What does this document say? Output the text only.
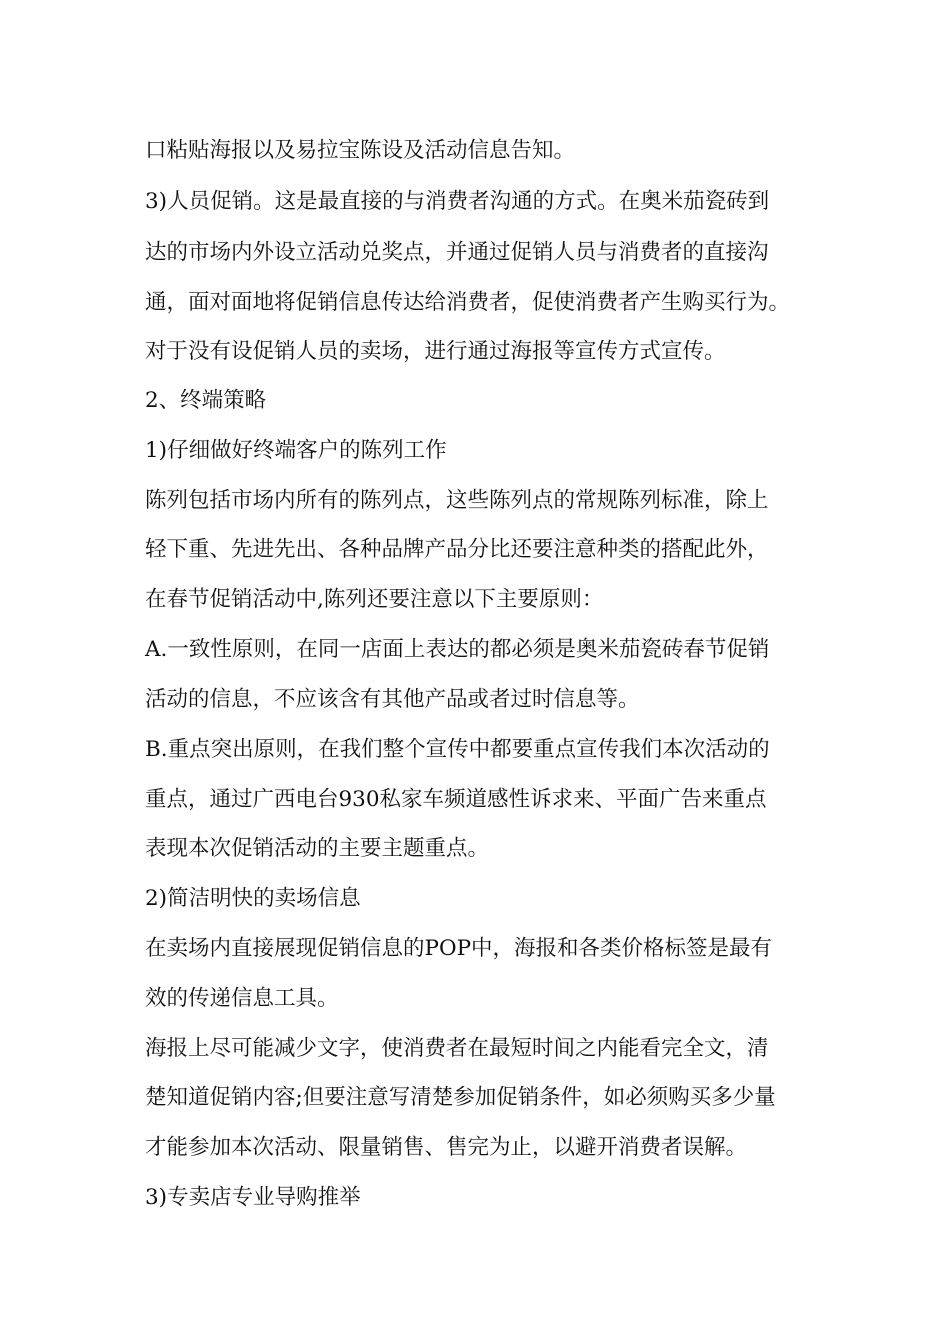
口粘贴海报以及易拉宝陈设及活动信息告知。
3)人员促销。这是最直接的与消费者沟通的方式。在奥米茄瓷砖到
达的市场内外设立活动兑奖点，并通过促销人员与消费者的直接沟
通，面对面地将促销信息传达给消费者，促使消费者产生购买行为。
对于没有设促销人员的卖场，进行通过海报等宣传方式宣传。
2、终端策略
1)仔细做好终端客户的陈列工作
陈列包括市场内所有的陈列点，这些陈列点的常规陈列标准，除上
轻下重、先进先出、各种品牌产品分比还要注意种类的搭配此外，
在春节促销活动中,陈列还要注意以下主要原则：
A.一致性原则，在同一店面上表达的都必须是奥米茄瓷砖春节促销
活动的信息，不应该含有其他产品或者过时信息等。
B.重点突出原则，在我们整个宣传中都要重点宣传我们本次活动的
重点，通过广西电台930私家车频道感性诉求来、平面广告来重点
表现本次促销活动的主要主题重点。
2)简洁明快的卖场信息
在卖场内直接展现促销信息的POP中，海报和各类价格标签是最有
效的传递信息工具。
海报上尽可能减少文字，使消费者在最短时间之内能看完全文，清
楚知道促销内容;但要注意写清楚参加促销条件，如必须购买多少量
才能参加本次活动、限量销售、售完为止，以避开消费者误解。
3)专卖店专业导购推举
